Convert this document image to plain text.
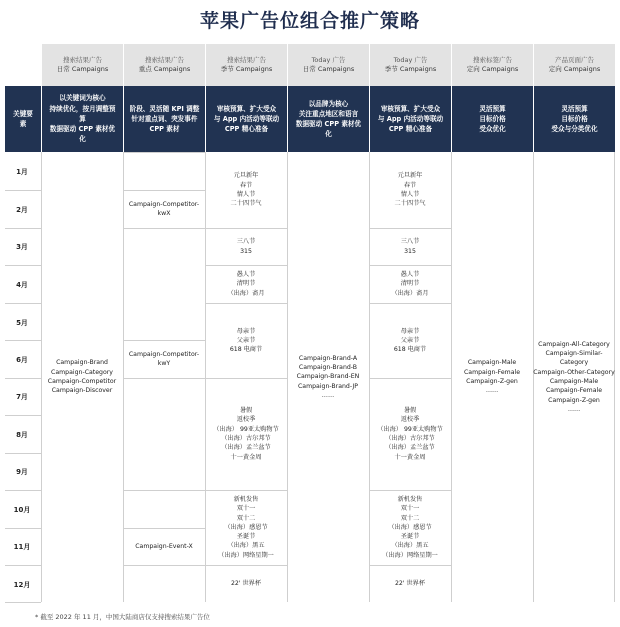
苹果广告位组合推广策略
搜索结果广告
日常 Campaigns
搜索结果广告
重点 Campaigns
搜索结果广告
季节 Campaigns
Today 广告
日常 Campaigns
Today 广告
季节 Campaigns
搜索标签广告
定向 Campaigns
产品页面广告
定向 Campaigns
关键要素
以关键词为核心
持续优化，按月调整预算
数据驱动 CPP 素材优化
阶段、灵活随 KPI 调整
针对重点词、突发事件
CPP 素材
审核预算、扩大受众
与 App 内活动等联动
CPP 精心准备
以品牌为核心
关注重点地区和语言
数据驱动 CPP 素材优化
审核预算、扩大受众
与 App 内活动等联动
CPP 精心准备
灵活预算
目标价格
受众优化
灵活预算
目标价格
受众与分类优化
1月
2月
3月
4月
5月
6月
7月
8月
9月
10月
11月
12月
Campaign-Brand
Campaign-Category
Campaign-Competitor
Campaign-Discover
Campaign-Competitor-kwX
Campaign-Competitor-kwY
Campaign-Event-X
元旦新年
春节
情人节
二十四节气
三八节
315
愚人节
清明节
（出海）斋月
母亲节
父亲节
618 电商节
暑假
返校季
（出海） 99亚太购物节
（出海）古尔邦节
（出海）孟兰盆节
十一黄金周
新机发售
双十一
双十二
（出海）感恩节
圣诞节
（出海）黑五
（出海）网络星期一
22' 世界杯
Campaign-Brand-A
Campaign-Brand-B
Campaign-Brand-EN
Campaign-Brand-JP
……
元旦新年
春节
情人节
二十四节气
三八节
315
愚人节
清明节
（出海）斋月
母亲节
父亲节
618 电商节
暑假
返校季
（出海） 99亚太购物节
（出海）古尔邦节
（出海）孟兰盆节
十一黄金周
新机发售
双十一
双十二
（出海）感恩节
圣诞节
（出海）黑五
（出海）网络星期一
22' 世界杯
Campaign-Male
Campaign-Female
Campaign-Z-gen
……
Campaign-All-Category
Campaign-Similar-Category
Campaign-Other-Category
Campaign-Male
Campaign-Female
Campaign-Z-gen
……
* 截至 2022 年 11 月，中国大陆商店仅支持搜索结果广告位
